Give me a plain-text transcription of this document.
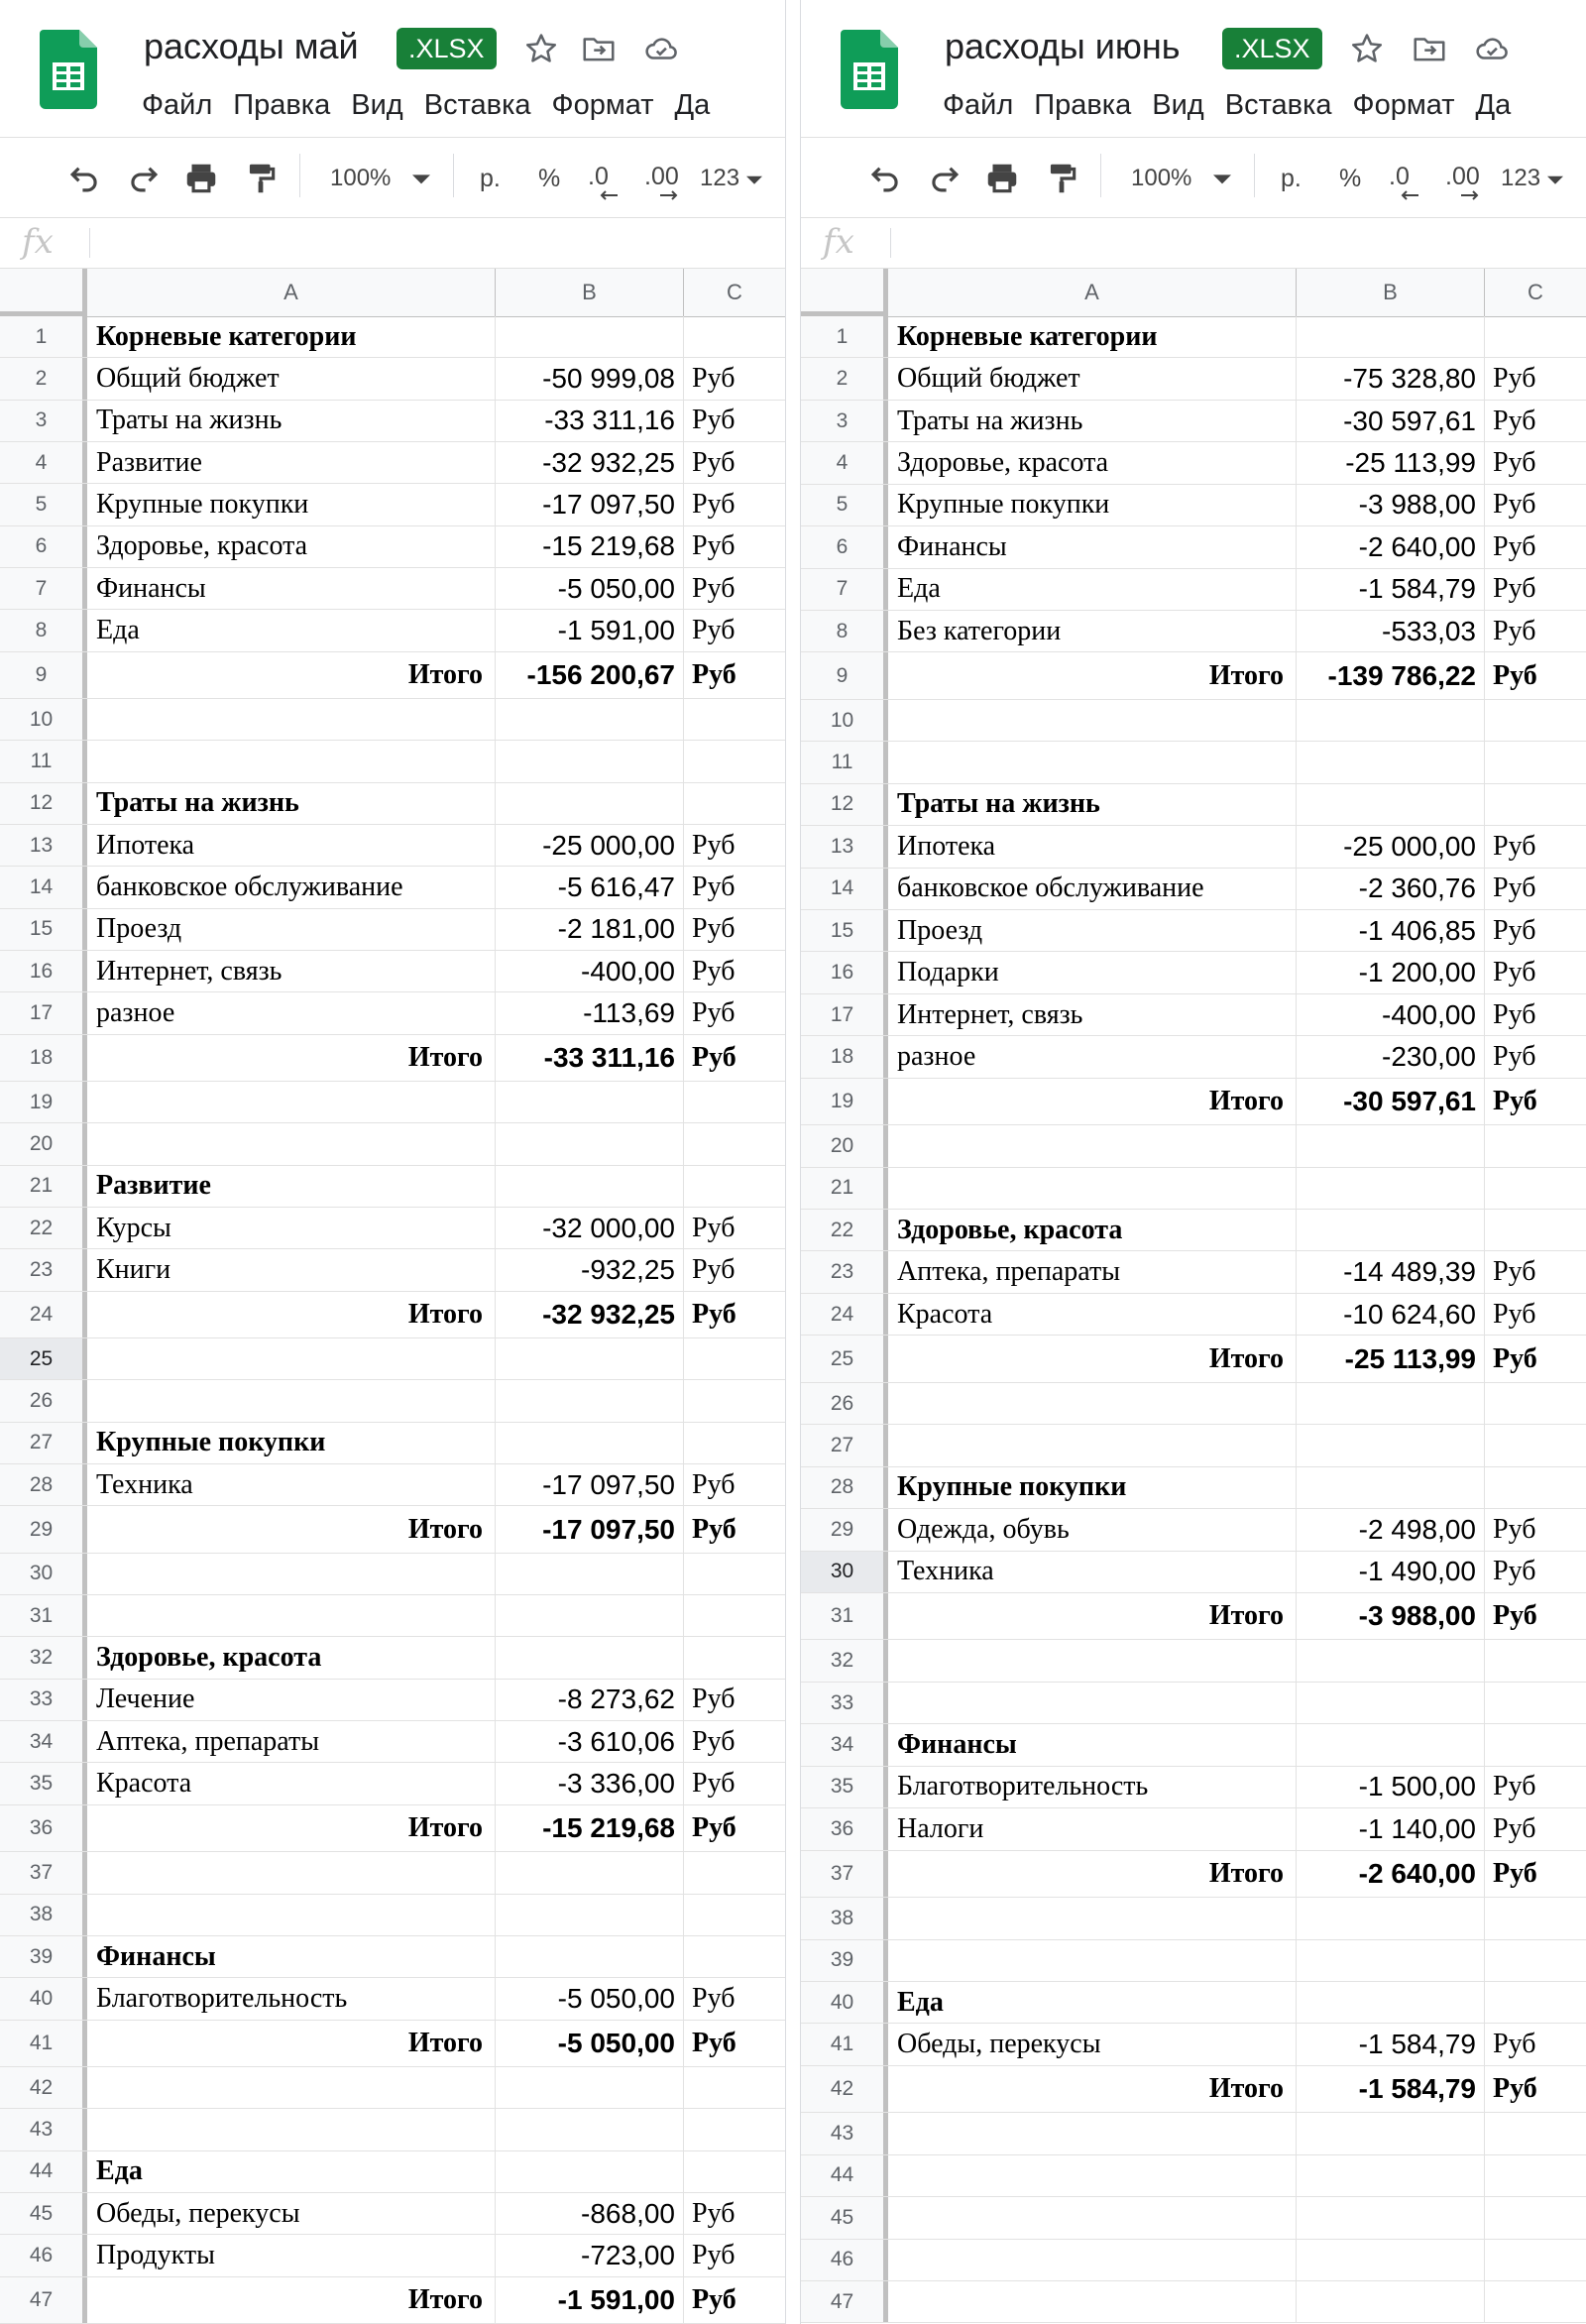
расходы май	.XLSX
Файл Правка Вид Вставка Формат Да
100%	р. % .0 .00 123
fx
A	B	C
1	Корневые категории
2	Общий бюджет	-50 999,08 Руб
3	Траты на жизнь	-33 311,16 Руб
4	Развитие	-32 932,25 Руб
5	Крупные покупки	-17 097,50 Руб
6	Здоровье, красота	-15 219,68 Руб
7	Финансы	-5 050,00 Руб
8	Еда	-1 591,00 Руб
9	Итого	-156 200,67 Руб
10
11
12	Траты на жизнь
13	Ипотека	-25 000,00 Руб
14	банковское обслуживание	-5 616,47 Руб
15	Проезд	-2 181,00 Руб
16	Интернет, связь	-400,00 Руб
17	разное	-113,69 Руб
18	Итого	-33 311,16 Руб
19
20
21	Развитие
22	Курсы	-32 000,00 Руб
23	Книги	-932,25 Руб
24	Итого	-32 932,25 Руб
25
26
27	Крупные покупки
28	Техника	-17 097,50 Руб
29	Итого	-17 097,50 Руб
30
31
32	Здоровье, красота
33	Лечение	-8 273,62 Руб
34	Аптека, препараты	-3 610,06 Руб
35	Красота	-3 336,00 Руб
36	Итого	-15 219,68 Руб
37
38
39	Финансы
40	Благотворительность	-5 050,00 Руб
41	Итого	-5 050,00 Руб
42
43
44	Еда
45	Обеды, перекусы	-868,00 Руб
46	Продукты	-723,00 Руб
47	Итого	-1 591,00 Руб
расходы июнь	.XLSX
Файл Правка Вид Вставка Формат Да
100%	р. % .0 .00 123
fx
A	B	C
1	Корневые категории
2	Общий бюджет	-75 328,80 Руб
3	Траты на жизнь	-30 597,61 Руб
4	Здоровье, красота	-25 113,99 Руб
5	Крупные покупки	-3 988,00 Руб
6	Финансы	-2 640,00 Руб
7	Еда	-1 584,79 Руб
8	Без категории	-533,03 Руб
9	Итого	-139 786,22 Руб
10
11
12	Траты на жизнь
13	Ипотека	-25 000,00 Руб
14	банковское обслуживание	-2 360,76 Руб
15	Проезд	-1 406,85 Руб
16	Подарки	-1 200,00 Руб
17	Интернет, связь	-400,00 Руб
18	разное	-230,00 Руб
19	Итого	-30 597,61 Руб
20
21
22	Здоровье, красота
23	Аптека, препараты	-14 489,39 Руб
24	Красота	-10 624,60 Руб
25	Итого	-25 113,99 Руб
26
27
28	Крупные покупки
29	Одежда, обувь	-2 498,00 Руб
30	Техника	-1 490,00 Руб
31	Итого	-3 988,00 Руб
32
33
34	Финансы
35	Благотворительность	-1 500,00 Руб
36	Налоги	-1 140,00 Руб
37	Итого	-2 640,00 Руб
38
39
40	Еда
41	Обеды, перекусы	-1 584,79 Руб
42	Итого	-1 584,79 Руб
43
44
45
46
47
